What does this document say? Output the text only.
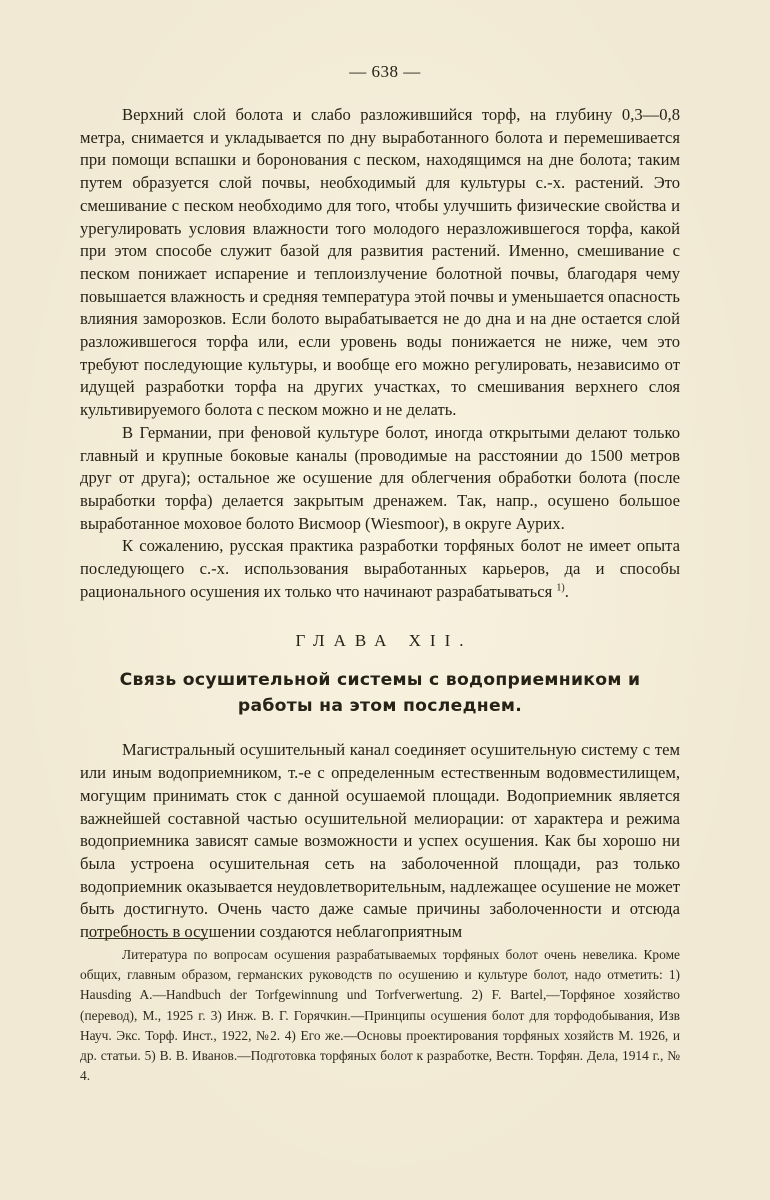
— 638 —

Верхний слой болота и слабо разложившийся торф, на глубину 0,3—0,8 метра, снимается и укладывается по дну выработанного болота и перемешивается при помощи вспашки и боронования с песком, находящимся на дне болота; таким путем образуется слой почвы, необходимый для культуры с.-х. растений. Это смешивание с песком необходимо для того, чтобы улучшить физические свойства и урегулировать условия влажности того молодого неразложившегося торфа, какой при этом способе служит базой для развития растений. Именно, смешивание с песком понижает испарение и теплоизлучение болотной почвы, благодаря чему повышается влажность и средняя температура этой почвы и уменьшается опасность влияния заморозков. Если болото вырабатывается не до дна и на дне остается слой разложившегося торфа или, если уровень воды понижается не ниже, чем это требуют последующие культуры, и вообще его можно регулировать, независимо от идущей разработки торфа на других участках, то смешивания верхнего слоя культивируемого болота с песком можно и не делать.

В Германии, при феновой культуре болот, иногда открытыми делают только главный и крупные боковые каналы (проводимые на расстоянии до 1500 метров друг от друга); остальное же осушение для облегчения обработки болота (после выработки торфа) делается закрытым дренажем. Так, напр., осушено большое выработанное моховое болото Висмоор (Wiesmoor), в округе Аурих.

К сожалению, русская практика разработки торфяных болот не имеет опыта последующего с.-х. использования выработанных карьеров, да и способы рационального осушения их только что начинают разрабатываться $^{1)}$.

ГЛАВА XII.
Связь осушительной системы с водоприемником и работы на этом последнем.

Магистральный осушительный канал соединяет осушительную систему с тем или иным водоприемником, т.-е с определенным естественным водовместилищем, могущим принимать сток с данной осушаемой площади. Водоприемник является важнейшей составной частью осушительной мелиорации: от характера и режима водоприемника зависят самые возможности и успех осушения. Как бы хорошо ни была устроена осушительная сеть на заболоченной площади, раз только водоприемник оказывается неудовлетворительным, надлежащее осушение не может быть достигнуто. Очень часто даже самые причины заболоченности и отсюда потребность в осушении создаются неблагоприятным

Литература по вопросам осушения разрабатываемых торфяных болот очень невелика. Кроме общих, главным образом, германских руководств по осушению и культуре болот, надо отметить: 1) Hausding A.—Handbuch der Torfgewinnung und Torfverwertung. 2) F. Bartel,—Торфяное хозяйство (перевод), М., 1925 г. 3) Инж. В. Г. Горячкин.—Принципы осушения болот для торфодобывания, Изв Науч. Экс. Торф. Инст., 1922, №2. 4) Его же.—Основы проектирования торфяных хозяйств М. 1926, и др. статьи. 5) В. В. Иванов.—Подготовка торфяных болот к разработке, Вестн. Торфян. Дела, 1914 г., № 4.
